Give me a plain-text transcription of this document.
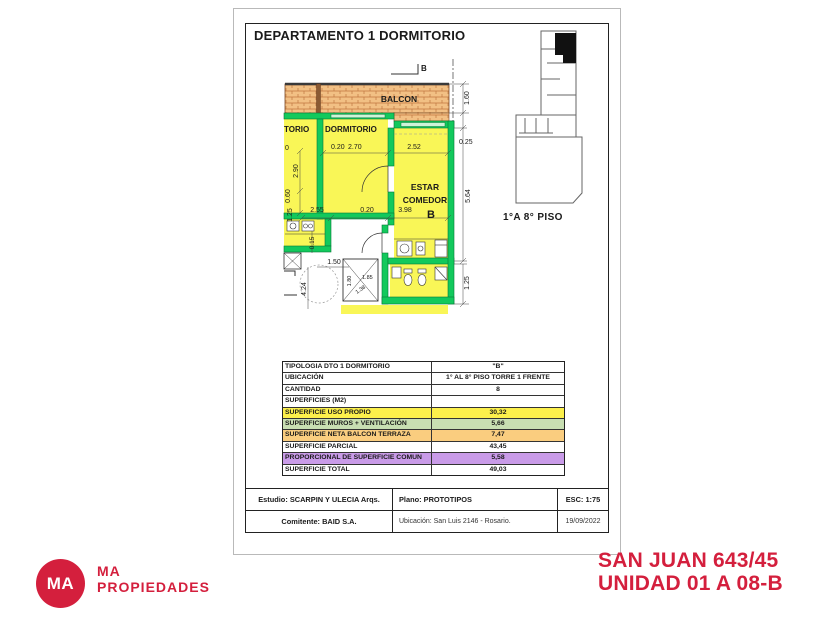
DEPARTAMENTO 1 DORMITORIO
1°A 8° PISO
B
BALCON
TORIO
0
DORMITORIO
ESTAR
COMEDOR
B
0.20 2.70	2.52
0.25
1.60
5.64
1.25
2.90
0.60
1.25 2.55	0.20	3.98
0.15
1.50
4.24
1.80 1.85
1.38
TIPOLOGIA DTO 1 DORMITORIO	"B"
UBICACIÓN	1° AL 8° PISO TORRE 1 FRENTE
CANTIDAD	8
SUPERFICIES (M2)
SUPERFICIE USO PROPIO	30,32
SUPERFICIE MUROS + VENTILACIÓN	5,66
SUPERFICIE NETA BALCON TERRAZA	7,47
SUPERFICIE PARCIAL	43,45
PROPORCIONAL DE SUPERFICIE COMUN	5,58
SUPERFICIE TOTAL	49,03
Estudio: SCARPIN Y ULECIA Arqs.	Plano: PROTOTIPOS	ESC: 1:75
Comitente: BAID S.A.	Ubicación: San Luis 2146 - Rosario.	19/09/2022
MA
MA
PROPIEDADES
SAN JUAN 643/45
UNIDAD 01 A 08-B
